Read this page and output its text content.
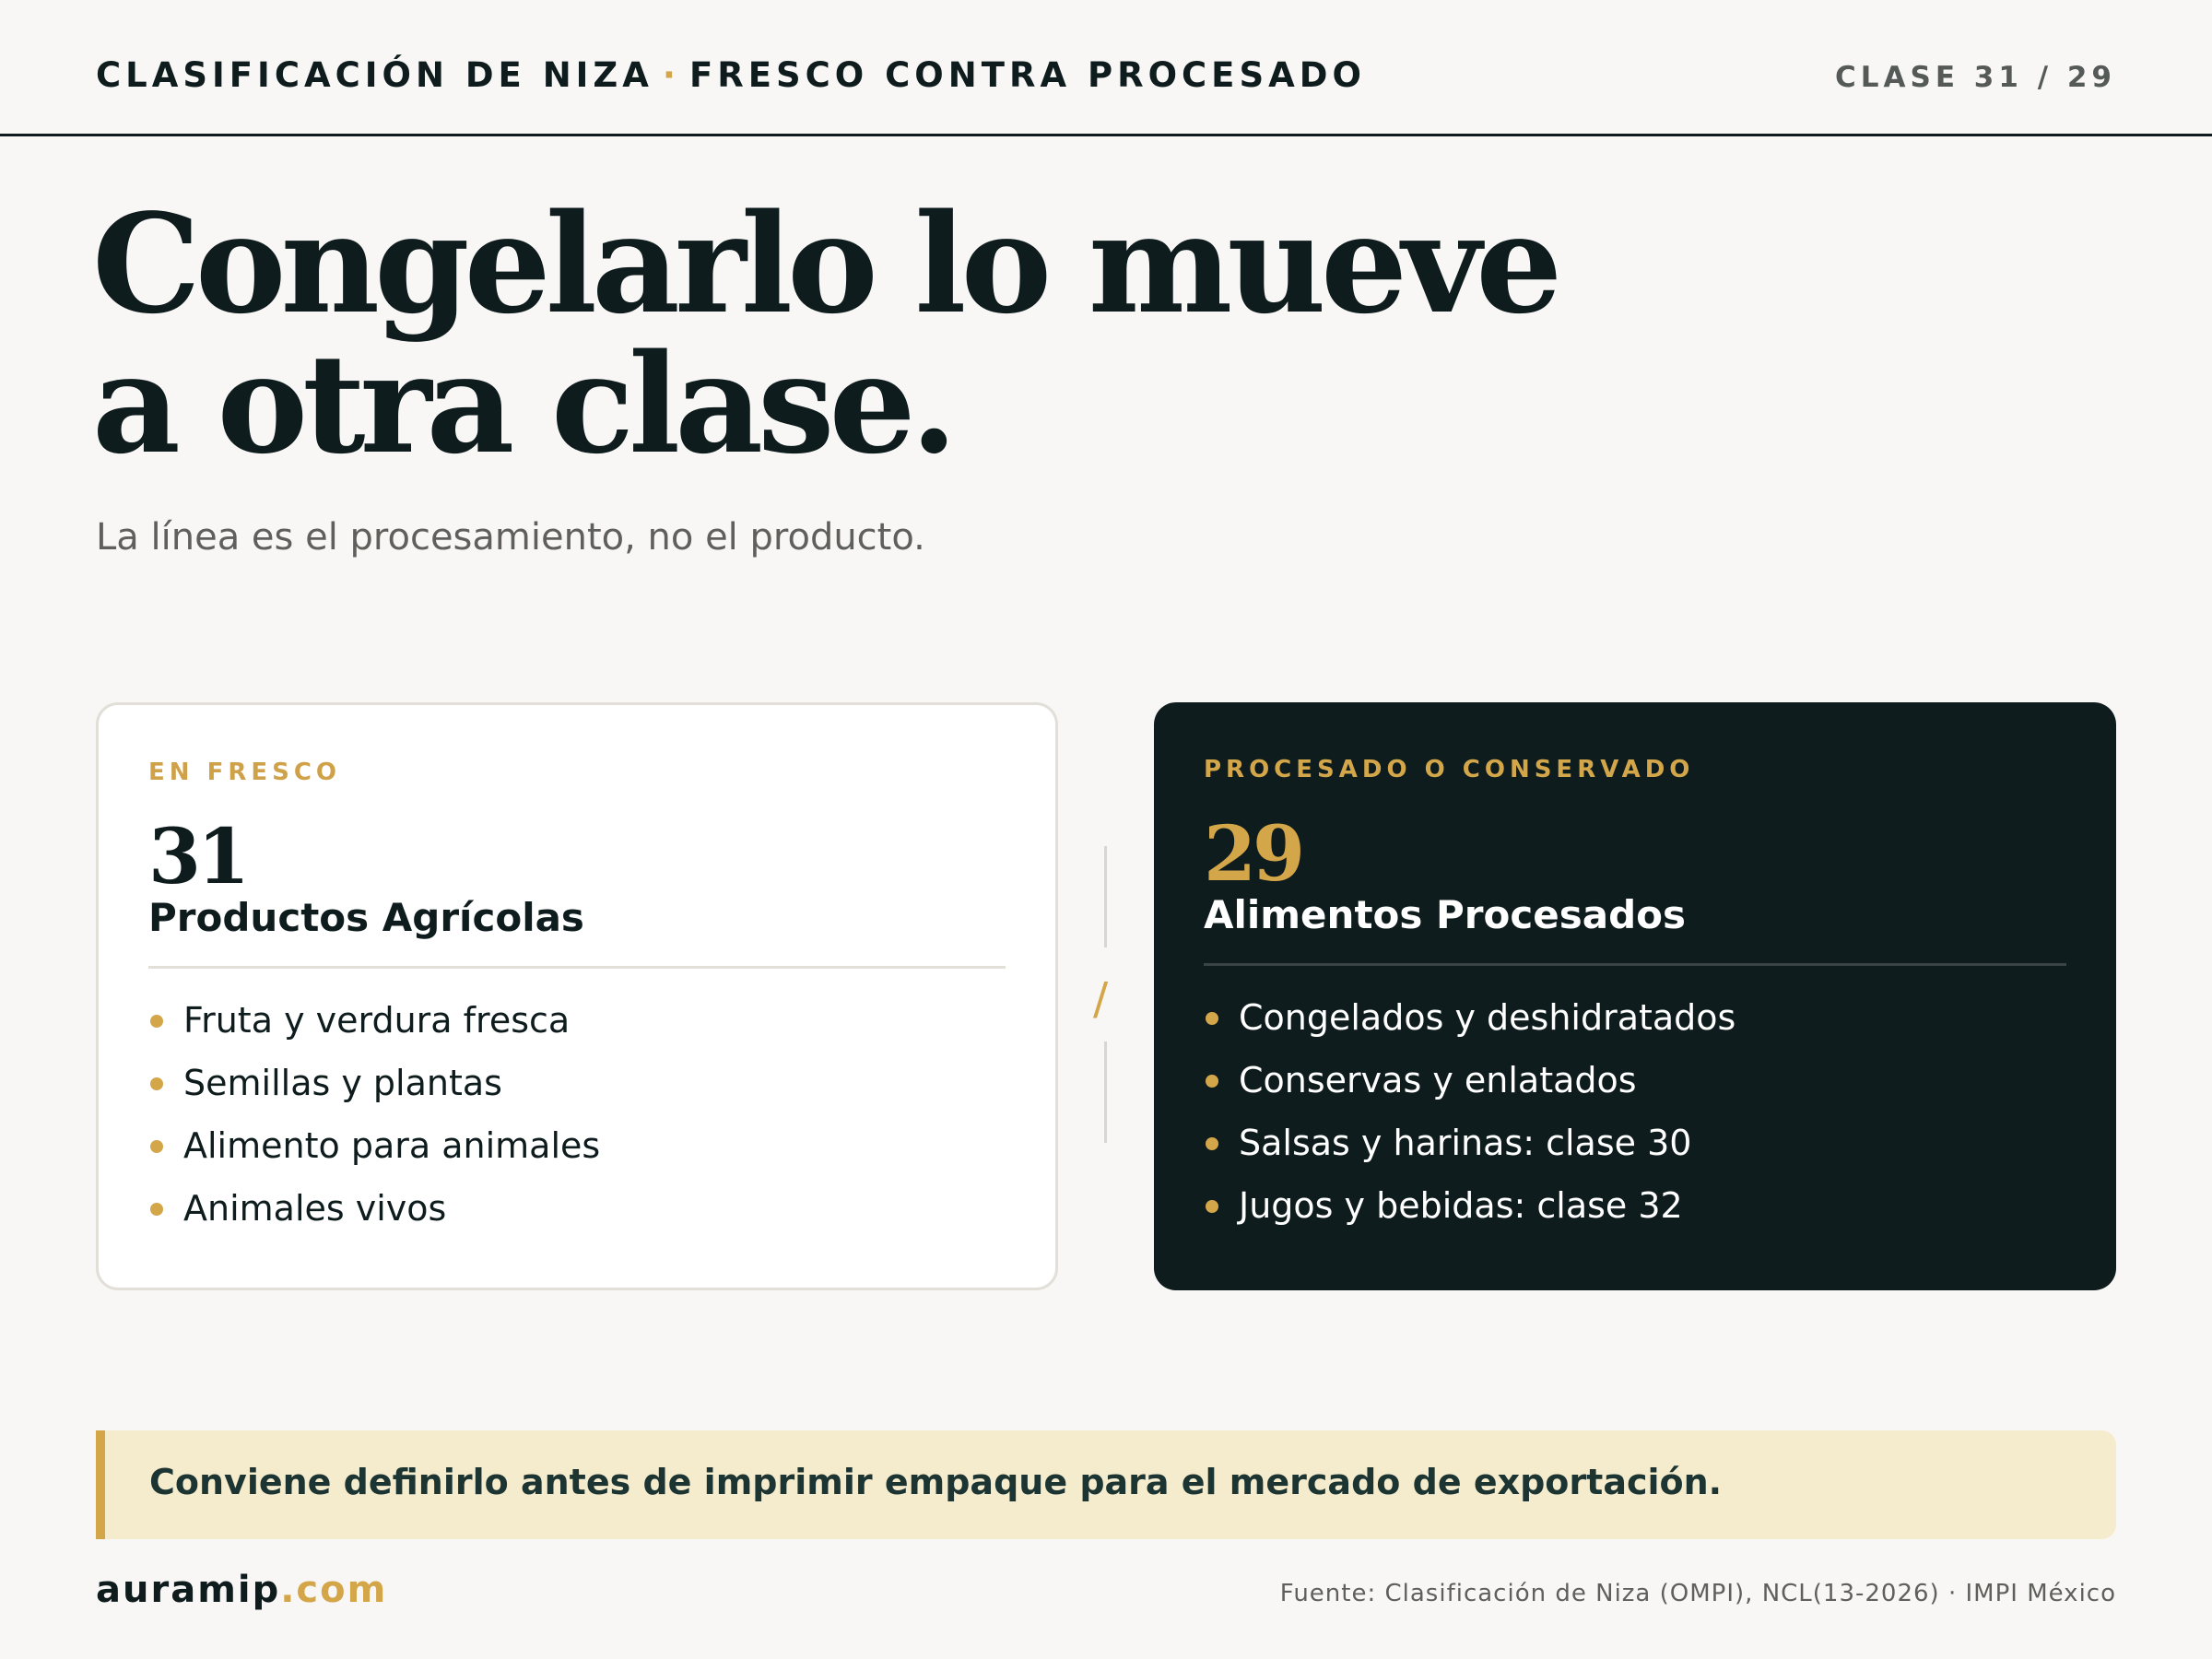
CLASIFICACIÓN DE NIZA · FRESCO CONTRA PROCESADO	CLASE 31 / 29
Congelarlo lo mueve
a otra clase.
La línea es el procesamiento, no el producto.
EN FRESCO
31
Productos Agrícolas
Fruta y verdura fresca
Semillas y plantas
Alimento para animales
Animales vivos
/
PROCESADO O CONSERVADO
29
Alimentos Procesados
Congelados y deshidratados
Conservas y enlatados
Salsas y harinas: clase 30
Jugos y bebidas: clase 32
Conviene definirlo antes de imprimir empaque para el mercado de exportación.
auramip.com	Fuente: Clasificación de Niza (OMPI), NCL(13-2026) · IMPI México
